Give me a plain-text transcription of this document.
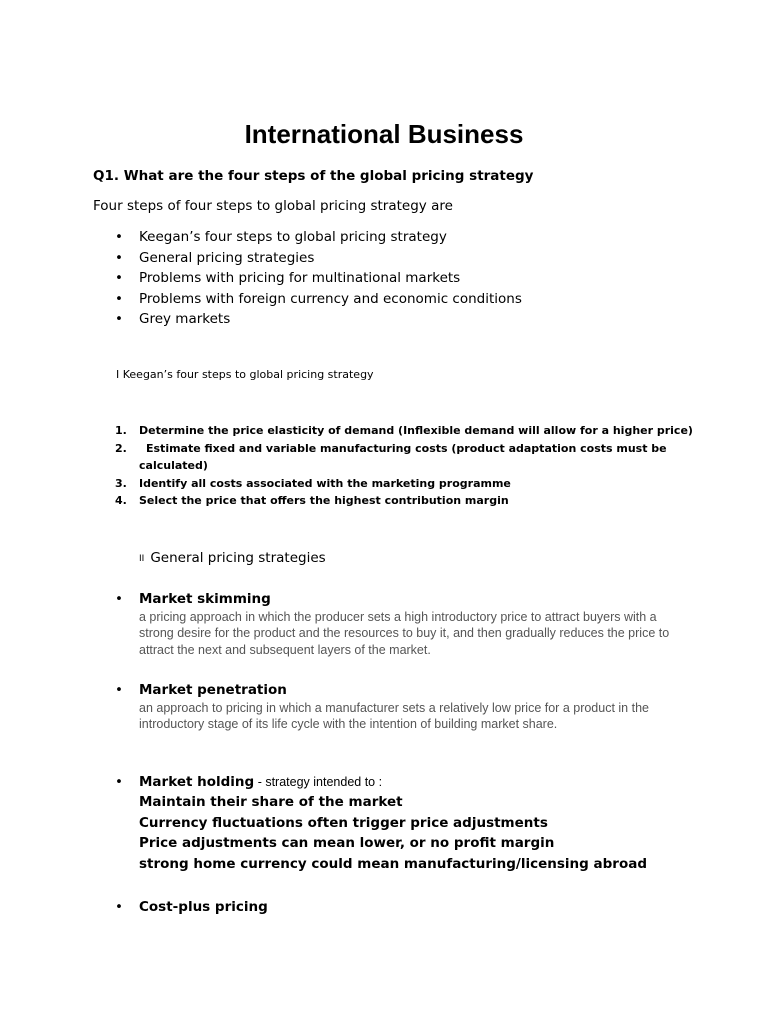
International Business
Q1. What are the four steps of the global pricing strategy
Four steps of four steps to global pricing strategy are
• Keegan’s four steps to global pricing strategy
• General pricing strategies
• Problems with pricing for multinational markets
• Problems with foreign currency and economic conditions
• Grey markets
I Keegan’s four steps to global pricing strategy
1. Determine the price elasticity of demand (Inflexible demand will allow for a higher price)
2. Estimate fixed and variable manufacturing costs (product adaptation costs must be calculated)
3. Identify all costs associated with the marketing programme
4. Select the price that offers the highest contribution margin
II General pricing strategies
• Market skimming
a pricing approach in which the producer sets a high introductory price to attract buyers with a strong desire for the product and the resources to buy it, and then gradually reduces the price to attract the next and subsequent layers of the market.
• Market penetration
an approach to pricing in which a manufacturer sets a relatively low price for a product in the introductory stage of its life cycle with the intention of building market share.
• Market holding - strategy intended to :
Maintain their share of the market
Currency fluctuations often trigger price adjustments
Price adjustments can mean lower, or no profit margin
strong home currency could mean manufacturing/licensing abroad
• Cost-plus pricing
